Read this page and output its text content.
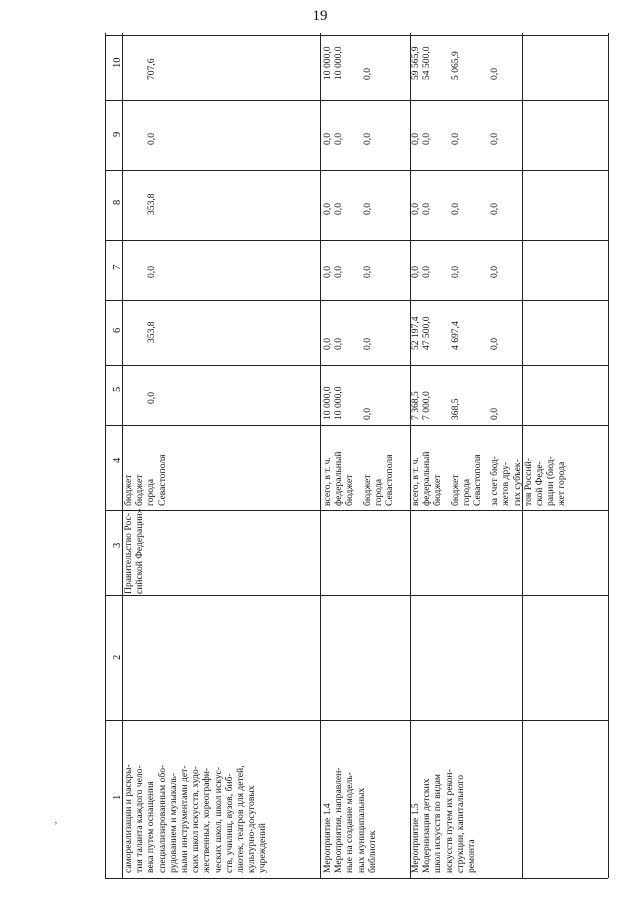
19
1
2
3
4
5
6
7
8
9
10
самореализации и раскры- тия таланта каждого чело- века путем оснащения специализированным обо- рудованием и музыкаль- ными инструментами дет- ских школ искусств, худо- жественных, хореографи- ческих школ, школ искус- ств, училищ, вузов, биб- лиотек, театров для детей, культурно-досуговых учреждений
Правительство Рос- сийской Федерации»
бюджет бюджет города Севастополя
0,0
353,8
0,0
353,8
0,0
707,6
Мероприятие 1.4 Мероприятия, направлен- ные на создание модель- ных муниципальных библиотек
всего, в т. ч.
10 000,0
0,0
0,0
0,0
0,0
10 000,0
федеральный бюджет
10 000,0
0,0
0,0
0,0
0,0
10 000,0
бюджет города Севастополя
0,0
0,0
0,0
0,0
0,0
0,0
Мероприятие 1.5 Модернизация детских школ искусств по видам искусств путем их рекон- струкции, капитального ремонта
всего, в т. ч.
7 368,5
52 197,4
0,0
0,0
0,0
59 565,9
федеральный бюджет
7 000,0
47 500,0
0,0
0,0
0,0
54 500,0
бюджет города Севастополя
368,5
4 697,4
0,0
0,0
0,0
5 065,9
за счет бюд- жетов дру- гих субъек- тов Россий- ской Феде- рации (бюд- жет города
0,0
0,0
0,0
0,0
0,0
0,0
’
